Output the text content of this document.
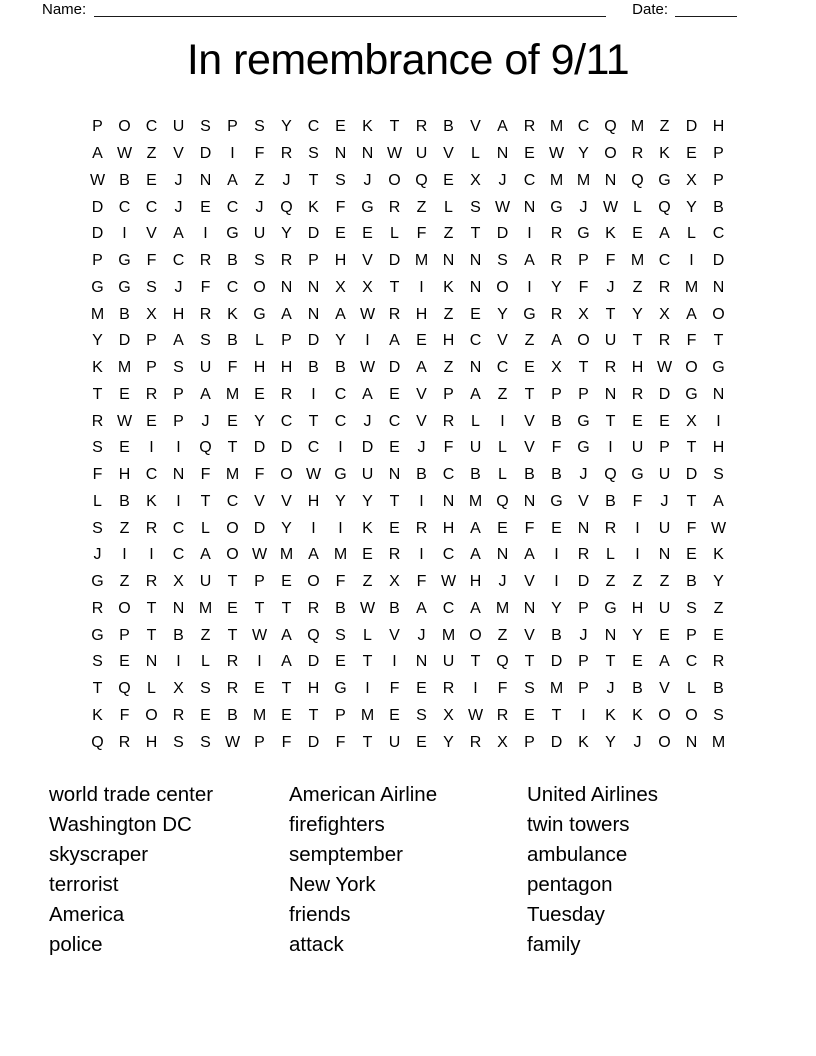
Name:	Date:
In remembrance of 9/11
P O C U S P S Y C E K T R B V A R M C Q M Z D H
A W Z V D I F R S N N W U V L N E W Y O R K E P
W B E J N A Z J T S J O Q E X J C M M N Q G X P
D C C J E C J Q K F G R Z L S W N G J W L Q Y B
D I V A I G U Y D E E L F Z T D I R G K E A L C
P G F C R B S R P H V D M N N S A R P F M C I D
G G S J F C O N N X X T I K N O I Y F J Z R M N
M B X H R K G A N A W R H Z E Y G R X T Y X A O
Y D P A S B L P D Y I A E H C V Z A O U T R F T
K M P S U F H H B B W D A Z N C E X T R H W O G
T E R P A M E R I C A E V P A Z T P P N R D G N
R W E P J E Y C T C J C V R L I V B G T E E X I
S E I I Q T D D C I D E J F U L V F G I U P T H
F H C N F M F O W G U N B C B L B B J Q G U D S
L B K I T C V V H Y Y T I N M Q N G V B F J T A
S Z R C L O D Y I I K E R H A E F E N R I U F W
J I I C A O W M A M E R I C A N A I R L I N E K
G Z R X U T P E O F Z X F W H J V I D Z Z Z B Y
R O T N M E T T R B W B A C A M N Y P G H U S Z
G P T B Z T W A Q S L V J M O Z V B J N Y E P E
S E N I L R I A D E T I N U T Q T D P T E A C R
T Q L X S R E T H G I F E R I F S M P J B V L B
K F O R E B M E T P M E S X W R E T I K K O O S
Q R H S S W P F D F T U E Y R X P D K Y J O N M
world trade center
Washington DC
skyscraper
terrorist
America
police
American Airline
firefighters
semptember
New York
friends
attack
United Airlines
twin towers
ambulance
pentagon
Tuesday
family
